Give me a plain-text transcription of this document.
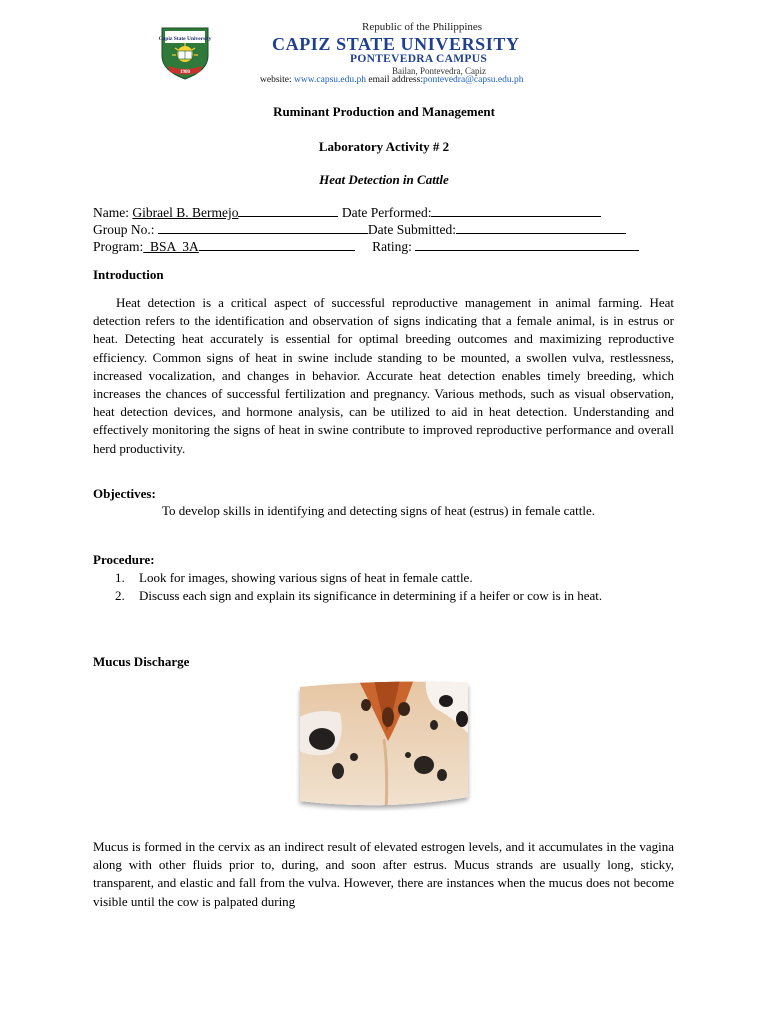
Capiz State University
1980
Republic of the Philippines
CAPIZ STATE UNIVERSITY
PONTEVEDRA CAMPUS
Bailan, Pontevedra, Capiz
website: www.capsu.edu.ph email address:pontevedra@capsu.edu.ph
Ruminant Production and Management
Laboratory Activity # 2
Heat Detection in Cattle
Name: Gibrael B. Bermejo	Date Performed:
Group No.:	Date Submitted:
Program:  BSA  3A	Rating:
Introduction

Heat detection is a critical aspect of successful reproductive management in animal farming. Heat detection refers to the identification and observation of signs indicating that a female animal, is in estrus or heat. Detecting heat accurately is essential for optimal breeding outcomes and maximizing reproductive efficiency. Common signs of heat in swine include standing to be mounted, a swollen vulva, restlessness, increased vocalization, and changes in behavior. Accurate heat detection enables timely breeding, which increases the chances of successful fertilization and pregnancy. Various methods, such as visual observation, heat detection devices, and hormone analysis, can be utilized to aid in heat detection. Understanding and effectively monitoring the signs of heat in swine contribute to improved reproductive performance and overall herd productivity.

Objectives:

To develop skills in identifying and detecting signs of heat (estrus) in female cattle.

Procedure:
1. Look for images, showing various signs of heat in female cattle.
2. Discuss each sign and explain its significance in determining if a heifer or cow is in heat.
Mucus Discharge

Mucus is formed in the cervix as an indirect result of elevated estrogen levels, and it accumulates in the vagina along with other fluids prior to, during, and soon after estrus. Mucus strands are usually long, sticky, transparent, and elastic and fall from the vulva. However, there are instances when the mucus does not become visible until the cow is palpated during
